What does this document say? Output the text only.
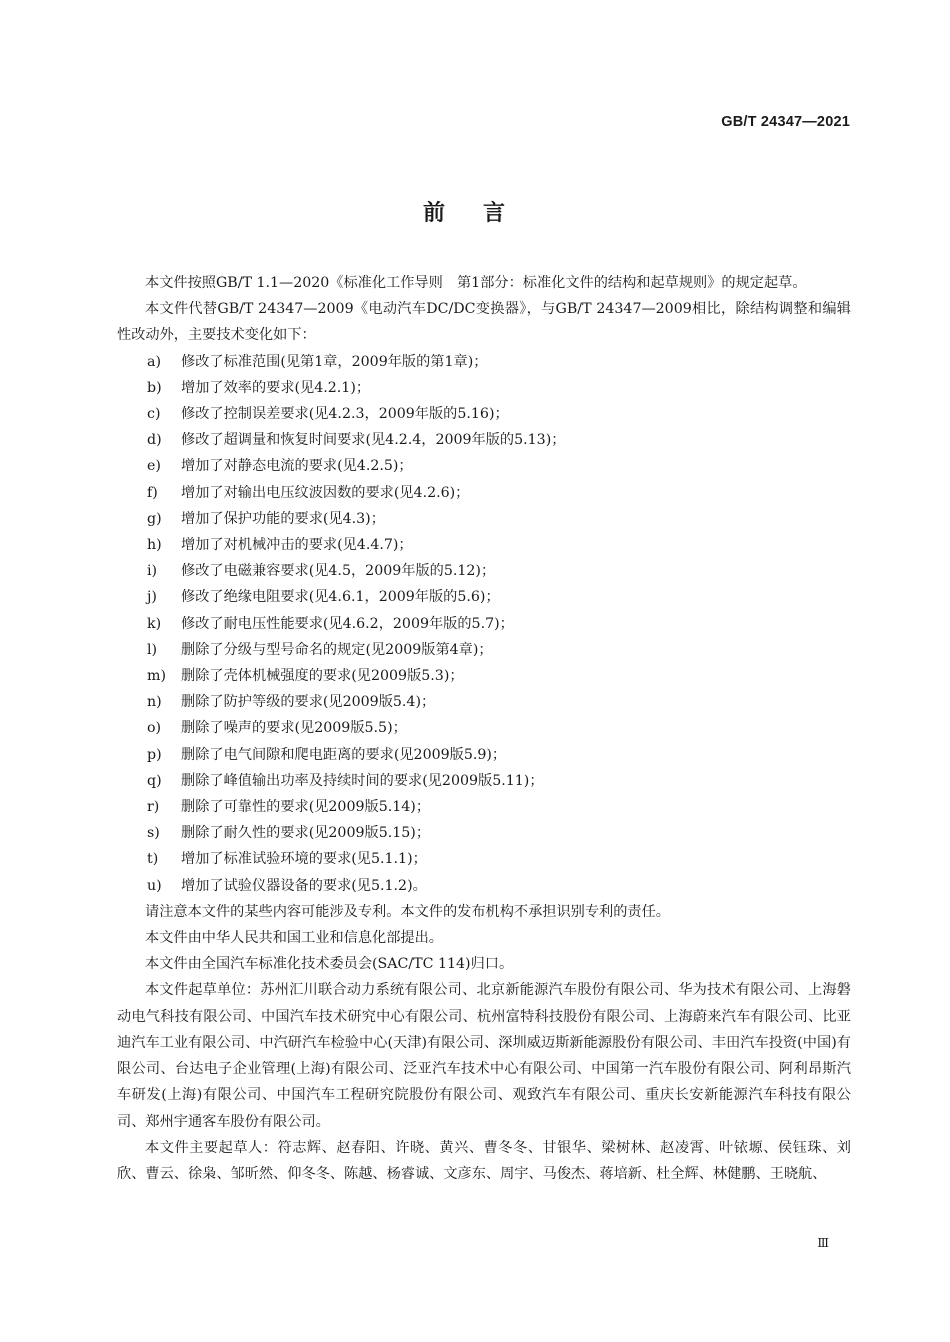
GB/T 24347—2021
前言

本文件按照GB/T 1.1—2020《标准化工作导则　第1部分：标准化文件的结构和起草规则》的规定起草。

本文件代替GB/T 24347—2009《电动汽车DC/DC变换器》，与GB/T 24347—2009相比，除结构调整和编辑性改动外，主要技术变化如下：

a) 修改了标准范围(见第1章，2009年版的第1章)；
b) 增加了效率的要求(见4.2.1)；
c) 修改了控制误差要求(见4.2.3，2009年版的5.16)；
d) 修改了超调量和恢复时间要求(见4.2.4，2009年版的5.13)；
e) 增加了对静态电流的要求(见4.2.5)；
f) 增加了对输出电压纹波因数的要求(见4.2.6)；
g) 增加了保护功能的要求(见4.3)；
h) 增加了对机械冲击的要求(见4.4.7)；
i) 修改了电磁兼容要求(见4.5，2009年版的5.12)；
j) 修改了绝缘电阻要求(见4.6.1，2009年版的5.6)；
k) 修改了耐电压性能要求(见4.6.2，2009年版的5.7)；
l) 删除了分级与型号命名的规定(见2009版第4章)；
m) 删除了壳体机械强度的要求(见2009版5.3)；
n) 删除了防护等级的要求(见2009版5.4)；
o) 删除了噪声的要求(见2009版5.5)；
p) 删除了电气间隙和爬电距离的要求(见2009版5.9)；
q) 删除了峰值输出功率及持续时间的要求(见2009版5.11)；
r) 删除了可靠性的要求(见2009版5.14)；
s) 删除了耐久性的要求(见2009版5.15)；
t) 增加了标准试验环境的要求(见5.1.1)；
u) 增加了试验仪器设备的要求(见5.1.2)。

请注意本文件的某些内容可能涉及专利。本文件的发布机构不承担识别专利的责任。

本文件由中华人民共和国工业和信息化部提出。

本文件由全国汽车标准化技术委员会(SAC/TC 114)归口。

本文件起草单位：苏州汇川联合动力系统有限公司、北京新能源汽车股份有限公司、华为技术有限公司、上海磐动电气科技有限公司、中国汽车技术研究中心有限公司、杭州富特科技股份有限公司、上海蔚来汽车有限公司、比亚迪汽车工业有限公司、中汽研汽车检验中心(天津)有限公司、深圳威迈斯新能源股份有限公司、丰田汽车投资(中国)有限公司、台达电子企业管理(上海)有限公司、泛亚汽车技术中心有限公司、中国第一汽车股份有限公司、阿利昂斯汽车研发(上海)有限公司、中国汽车工程研究院股份有限公司、观致汽车有限公司、重庆长安新能源汽车科技有限公司、郑州宇通客车股份有限公司。

本文件主要起草人：符志辉、赵春阳、许晓、黄兴、曹冬冬、甘银华、梁树林、赵凌霄、叶铱塬、侯钰珠、刘欣、曹云、徐枭、邹昕然、仰冬冬、陈越、杨睿诚、文彦东、周宇、马俊杰、蒋培新、杜全辉、林健鹏、王晓航、

Ⅲ
